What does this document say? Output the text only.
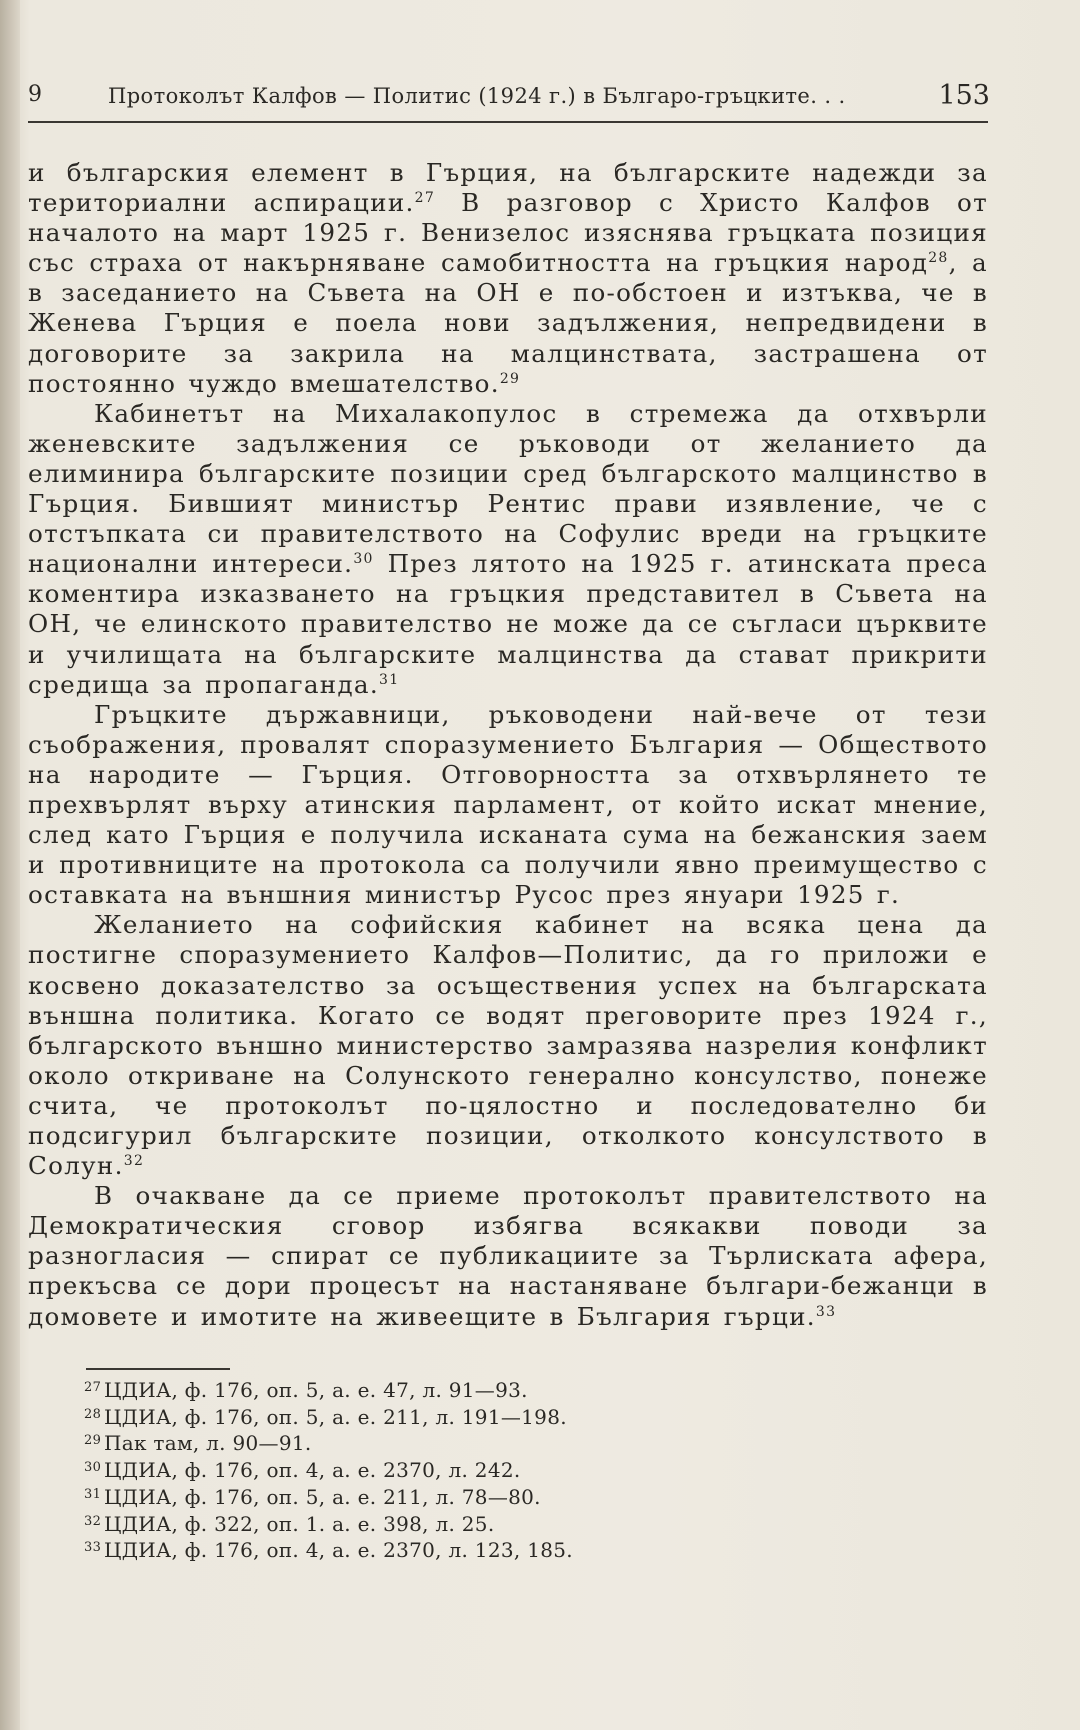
9	Протоколът Калфов — Политис (1924 г.) в Българо-гръцките. . .	153

и българския елемент в Гърция, на българските надежди за териториални аспирации.$^{27}$ В разговор с Христо Калфов от началото на март 1925 г. Венизелос изяснява гръцката позиция със страха от накърняване самобитността на гръцкия народ$^{28}$, а в заседанието на Съвета на ОН е по-обстоен и изтъква, че в Женева Гърция е поела нови задължения, непредвидени в договорите за закрила на малцинствата, застрашена от постоянно чуждо вмешателство.$^{29}$

Кабинетът на Михалакопулос в стремежа да отхвърли женевските задължения се ръководи от желанието да елиминира българските позиции сред българското малцинство в Гърция. Бившият министър Рентис прави изявление, че с отстъпката си правителството на Софулис вреди на гръцките национални интереси.$^{30}$ През лятото на 1925 г. атинската преса коментира изказването на гръцкия представител в Съвета на ОН, че елинското правителство не може да се съгласи църквите и училищата на българските малцинства да стават прикрити средища за пропаганда.$^{31}$

Гръцките държавници, ръководени най-вече от тези съображения, провалят споразумението България — Обществото на народите — Гърция. Отговорността за отхвърлянето те прехвърлят върху атинския парламент, от който искат мнение, след като Гърция е получила исканата сума на бежанския заем и противниците на протокола са получили явно преимущество с оставката на външния министър Русос през януари 1925 г.

Желанието на софийския кабинет на всяка цена да постигне споразумението Калфов—Политис, да го приложи е косвено доказателство за осъществения успех на българската външна политика. Когато се водят преговорите през 1924 г., българското външно министерство замразява назрелия конфликт около откриване на Солунското генерално консулство, понеже счита, че протоколът по-цялостно и последователно би подсигурил българските позиции, отколкото консулството в Солун.$^{32}$

В очакване да се приеме протоколът правителството на Демократическия сговор избягва всякакви поводи за разногласия — спират се публикациите за Търлиската афера, прекъсва се дори процесът на настаняване българи-бежанци в домовете и имотите на живеещите в България гърци.$^{33}$

27 ЦДИА, ф. 176, оп. 5, а. е. 47, л. 91—93.
28 ЦДИА, ф. 176, оп. 5, а. е. 211, л. 191—198.
29 Пак там, л. 90—91.
30 ЦДИА, ф. 176, оп. 4, а. е. 2370, л. 242.
31 ЦДИА, ф. 176, оп. 5, а. е. 211, л. 78—80.
32 ЦДИА, ф. 322, оп. 1. а. е. 398, л. 25.
33 ЦДИА, ф. 176, оп. 4, а. е. 2370, л. 123, 185.
